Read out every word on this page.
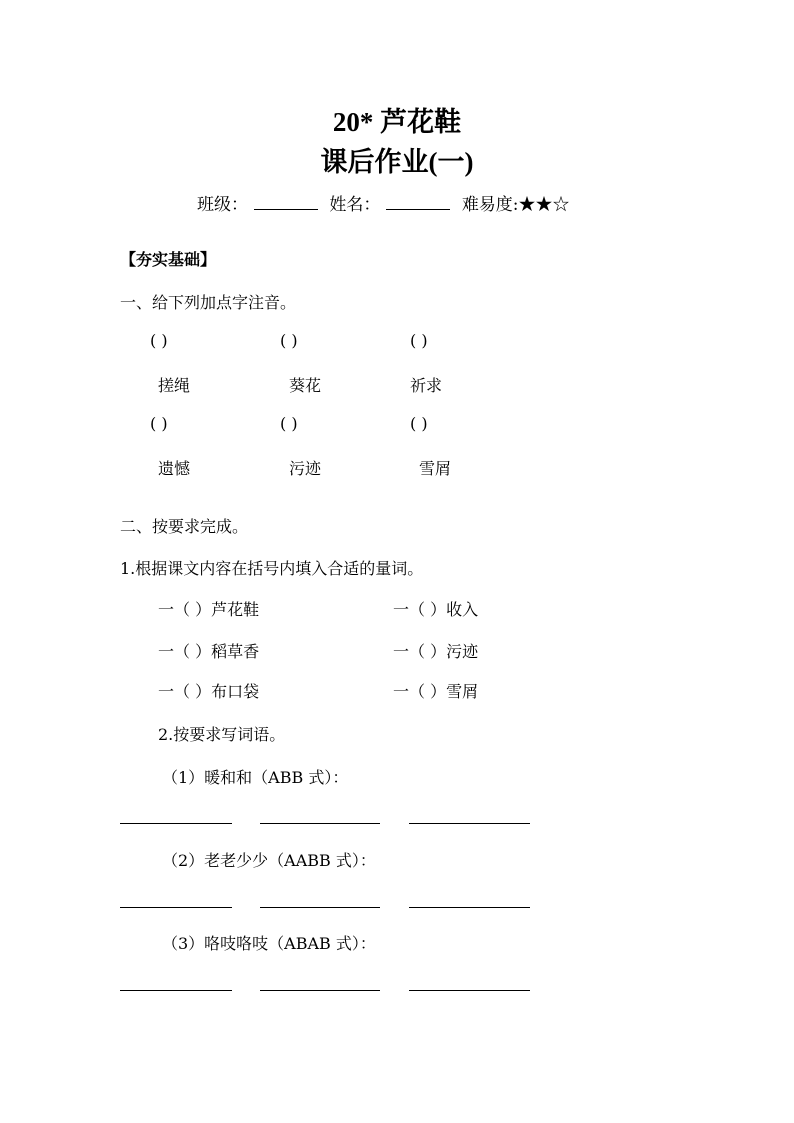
20* 芦花鞋
课后作业(一)
班级：	姓名：	难易度:★★☆
【夯实基础】
一、给下列加点字注音。
( )	( )	( )
搓绳	葵花	祈求
( )	( )	( )
遗憾	污迹	雪屑
二、按要求完成。
1.根据课文内容在括号内填入合适的量词。
一（ ）芦花鞋	一（ ）收入
一（ ）稻草香	一（ ）污迹
一（ ）布口袋	一（ ）雪屑
2.按要求写词语。
（1）暖和和（ABB 式）：
（2）老老少少（AABB 式）：
（3）咯吱咯吱（ABAB 式）：
